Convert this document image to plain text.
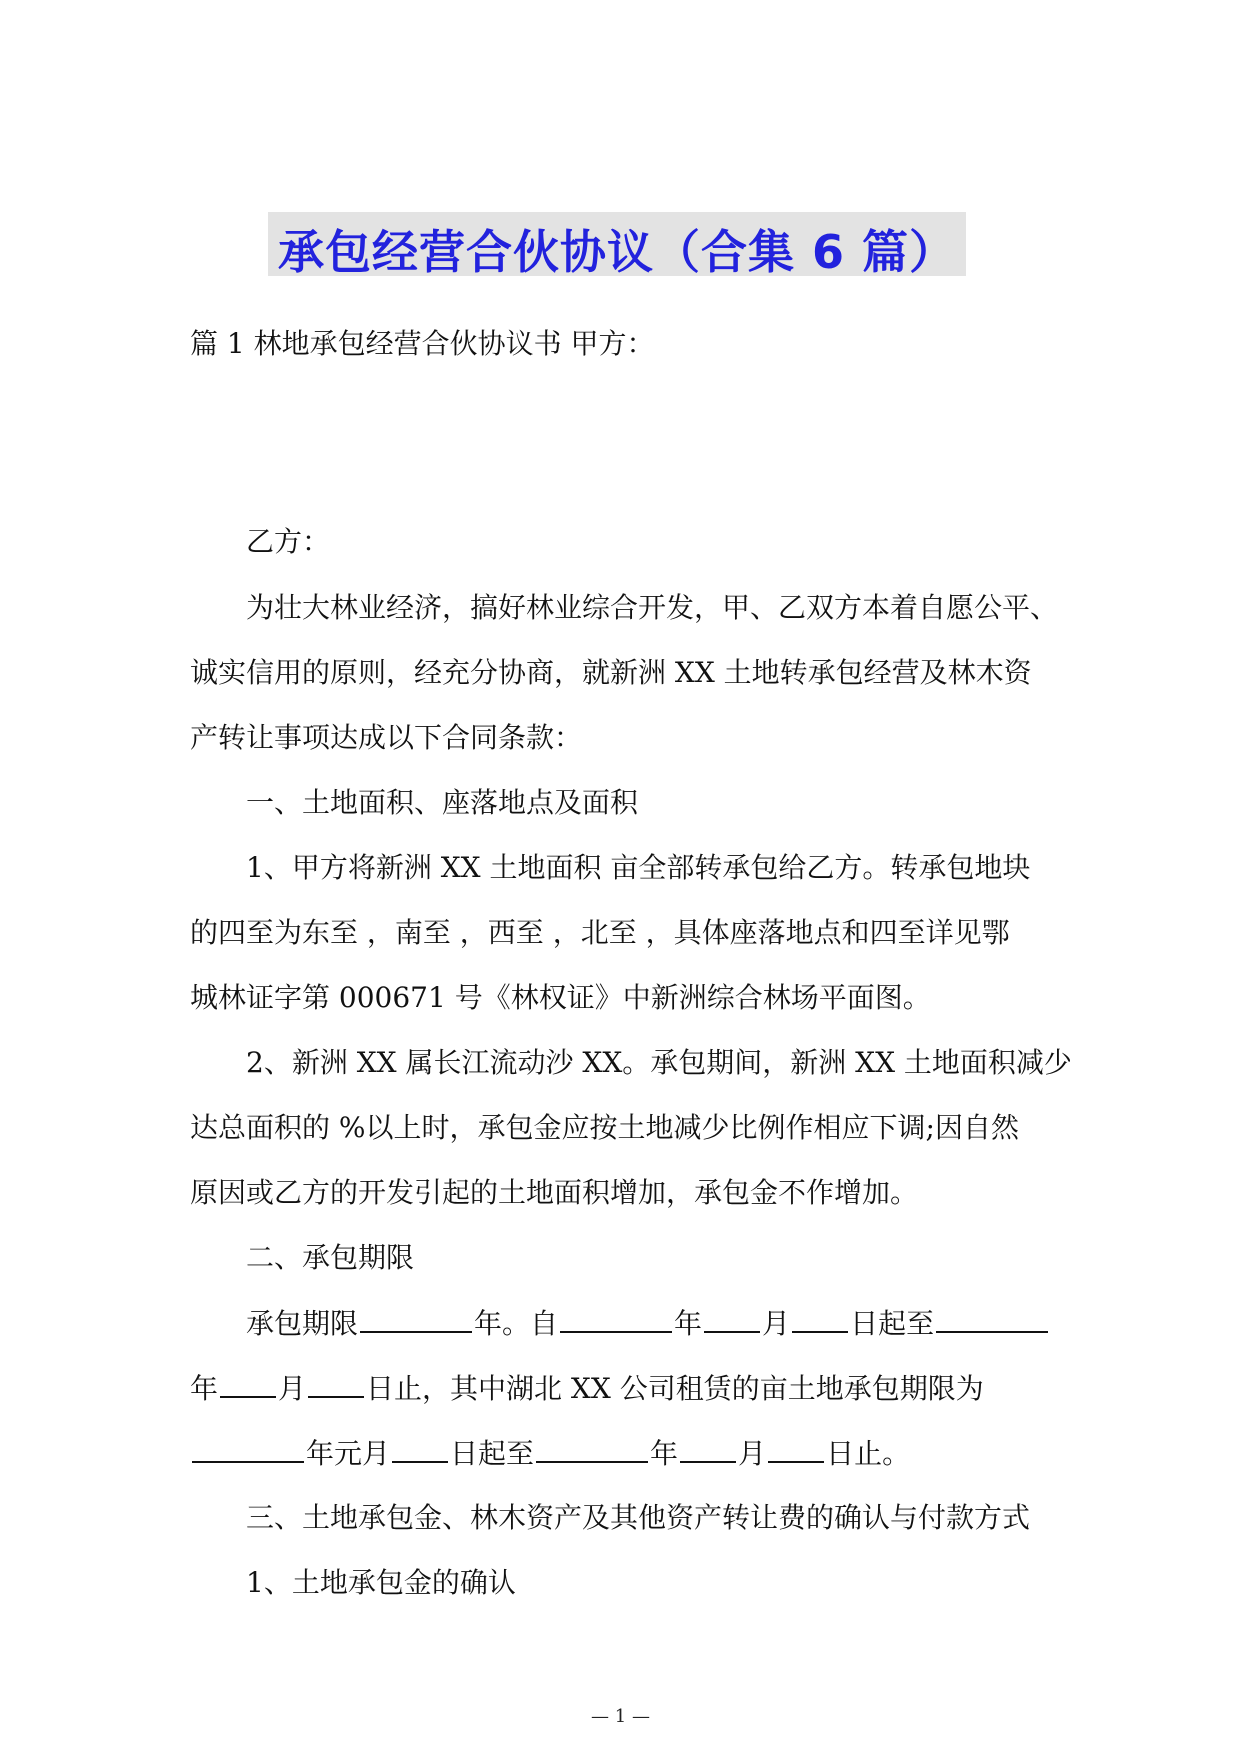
承包经营合伙协议（合集 6 篇）
篇 1 林地承包经营合伙协议书 甲方：
乙方：
为壮大林业经济，搞好林业综合开发，甲、乙双方本着自愿公平、
诚实信用的原则，经充分协商，就新洲 XX 土地转承包经营及林木资
产转让事项达成以下合同条款：
一、土地面积、座落地点及面积
1、甲方将新洲 XX 土地面积 亩全部转承包给乙方。转承包地块
的四至为东至 ，南至 ，西至 ，北至 ，具体座落地点和四至详见鄂
城林证字第 000671 号《林权证》中新洲综合林场平面图。
2、新洲 XX 属长江流动沙 XX。承包期间，新洲 XX 土地面积减少
达总面积的 %以上时，承包金应按土地减少比例作相应下调;因自然
原因或乙方的开发引起的土地面积增加，承包金不作增加。
二、承包期限
承包期限	年。自	年 月 日起至
年 月 日止，其中湖北 XX 公司租赁的亩土地承包期限为
年元月 日起至	年 月 日止。
三、土地承包金、林木资产及其他资产转让费的确认与付款方式
1、土地承包金的确认
— 1 —
